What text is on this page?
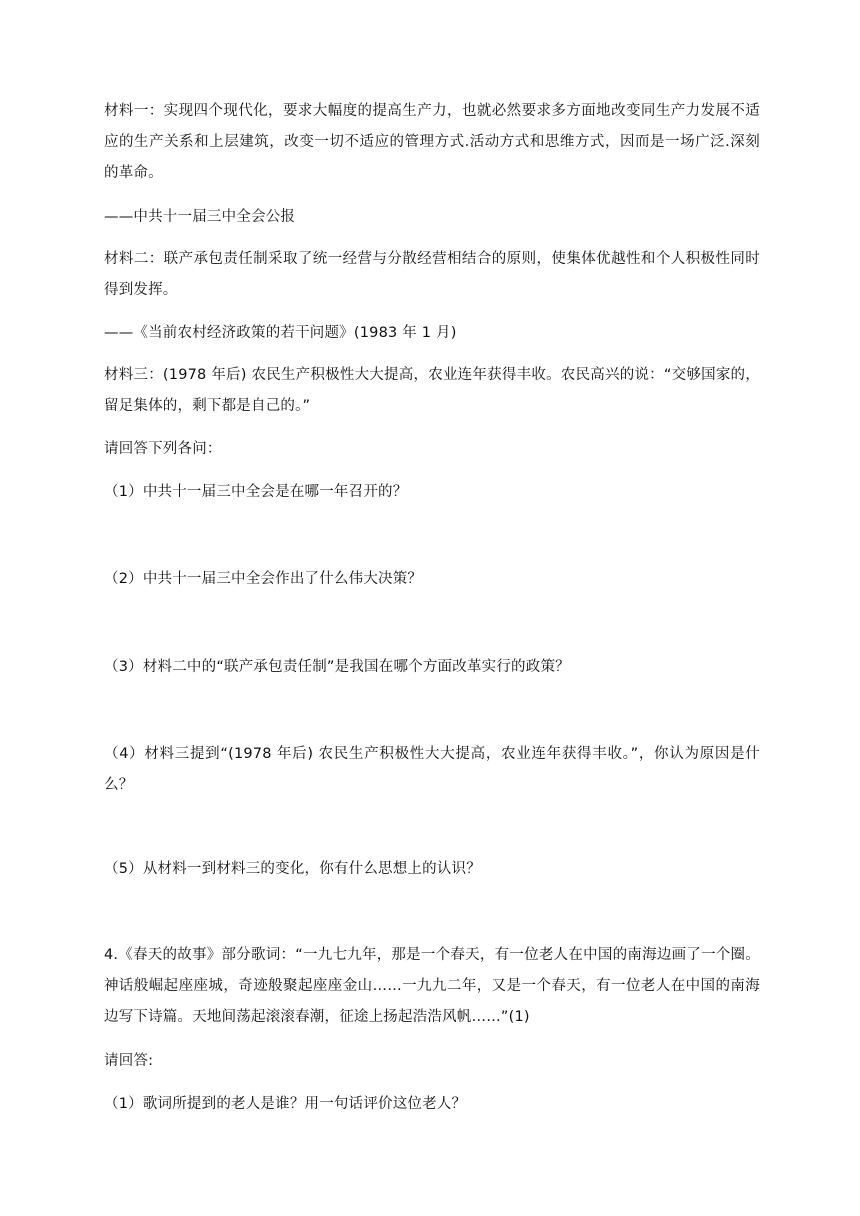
材料一：实现四个现代化，要求大幅度的提高生产力，也就必然要求多方面地改变同生产力发展不适应的生产关系和上层建筑，改变一切不适应的管理方式.活动方式和思维方式，因而是一场广泛.深刻的革命。
——中共十一届三中全会公报
材料二：联产承包责任制采取了统一经营与分散经营相结合的原则，使集体优越性和个人积极性同时得到发挥。
——《当前农村经济政策的若干问题》(1983 年 1 月)
材料三：(1978 年后) 农民生产积极性大大提高，农业连年获得丰收。农民高兴的说：“交够国家的，留足集体的，剩下都是自己的。”
请回答下列各问：
（1）中共十一届三中全会是在哪一年召开的？
（2）中共十一届三中全会作出了什么伟大决策？
（3）材料二中的“联产承包责任制”是我国在哪个方面改革实行的政策？
（4）材料三提到“(1978 年后) 农民生产积极性大大提高，农业连年获得丰收。”，你认为原因是什么？
（5）从材料一到材料三的变化，你有什么思想上的认识？
4.《春天的故事》部分歌词：“一九七九年，那是一个春天，有一位老人在中国的南海边画了一个圈。神话般崛起座座城，奇迹般聚起座座金山……一九九二年，又是一个春天，有一位老人在中国的南海边写下诗篇。天地间荡起滚滚春潮，征途上扬起浩浩风帆……”(1)
请回答:
（1）歌词所提到的老人是谁？用一句话评价这位老人？
